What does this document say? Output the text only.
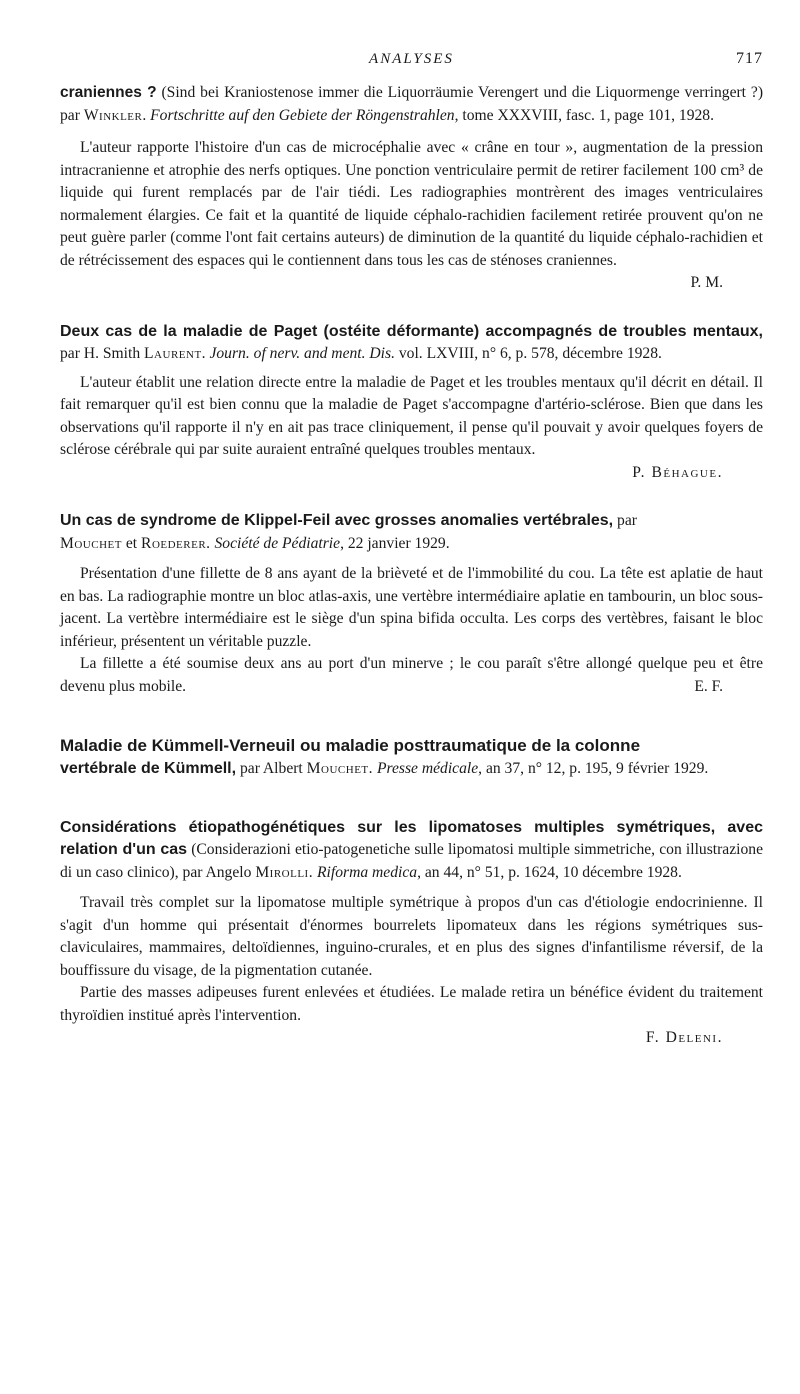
ANALYSES	717

craniennes ? (Sind bei Kraniostenose immer die Liquorräumie Verengert und die Liquormenge verringert ?) par Winkler. Fortschritte auf den Gebiete der Röngenstrahlen, tome XXXVIII, fasc. 1, page 101, 1928.

L'auteur rapporte l'histoire d'un cas de microcéphalie avec « crâne en tour », augmentation de la pression intracranienne et atrophie des nerfs optiques. Une ponction ventriculaire permit de retirer facilement 100 cm³ de liquide qui furent remplacés par de l'air tiédi. Les radiographies montrèrent des images ventriculaires normalement élargies. Ce fait et la quantité de liquide céphalo-rachidien facilement retirée prouvent qu'on ne peut guère parler (comme l'ont fait certains auteurs) de diminution de la quantité du liquide céphalo-rachidien et de rétrécissement des espaces qui le contiennent dans tous les cas de sténoses craniennes.

P. M.

Deux cas de la maladie de Paget (ostéite déformante) accompagnés de troubles mentaux, par H. Smith Laurent. Journ. of nerv. and ment. Dis. vol. LXVIII, n° 6, p. 578, décembre 1928.

L'auteur établit une relation directe entre la maladie de Paget et les troubles mentaux qu'il décrit en détail. Il fait remarquer qu'il est bien connu que la maladie de Paget s'accompagne d'artério-sclérose. Bien que dans les observations qu'il rapporte il n'y en ait pas trace cliniquement, il pense qu'il pouvait y avoir quelques foyers de sclérose cérébrale qui par suite auraient entraîné quelques troubles mentaux.

P. Béhague.

Un cas de syndrome de Klippel-Feil avec grosses anomalies vertébrales, par
Mouchet et Roederer. Société de Pédiatrie, 22 janvier 1929.

Présentation d'une fillette de 8 ans ayant de la brièveté et de l'immobilité du cou. La tête est aplatie de haut en bas. La radiographie montre un bloc atlas-axis, une vertèbre intermédiaire aplatie en tambourin, un bloc sous-jacent. La vertèbre intermédiaire est le siège d'un spina bifida occulta. Les corps des vertèbres, faisant le bloc inférieur, présentent un véritable puzzle.

La fillette a été soumise deux ans au port d'un minerve ; le cou paraît s'être allongé quelque peu et être devenu plus mobile.	E. F.

Maladie de Kümmell-Verneuil ou maladie posttraumatique de la colonne
vertébrale de Kümmell, par Albert Mouchet. Presse médicale, an 37, n° 12, p. 195, 9 février 1929.

Considérations étiopathogénétiques sur les lipomatoses multiples symétriques, avec relation d'un cas (Considerazioni etio-patogenetiche sulle lipomatosi multiple simmetriche, con illustrazione di un caso clinico), par Angelo Mirolli. Riforma medica, an 44, n° 51, p. 1624, 10 décembre 1928.

Travail très complet sur la lipomatose multiple symétrique à propos d'un cas d'étiologie endocrinienne. Il s'agit d'un homme qui présentait d'énormes bourrelets lipomateux dans les régions symétriques sus-claviculaires, mammaires, deltoïdiennes, inguino-crurales, et en plus des signes d'infantilisme réversif, de la bouffissure du visage, de la pigmentation cutanée.

Partie des masses adipeuses furent enlevées et étudiées. Le malade retira un bénéfice évident du traitement thyroïdien institué après l'intervention.

F. Deleni.
